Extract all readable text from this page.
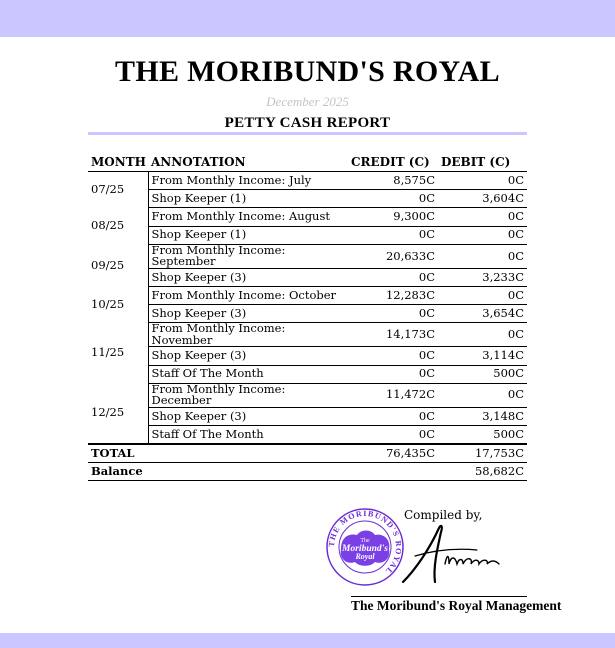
THE MORIBUND'S ROYAL
December 2025
PETTY CASH REPORT
MONTH	ANNOTATION	CREDIT (C)	DEBIT (C)
07/25	From Monthly Income: July	8,575C	0C
	Shop Keeper (1)	0C	3,604C
08/25	From Monthly Income: August	9,300C	0C
	Shop Keeper (1)	0C	0C
09/25	From Monthly Income: September	20,633C	0C
	Shop Keeper (3)	0C	3,233C
10/25	From Monthly Income: October	12,283C	0C
	Shop Keeper (3)	0C	3,654C
11/25	From Monthly Income: November	14,173C	0C
	Shop Keeper (3)	0C	3,114C
	Staff Of The Month	0C	500C
12/25	From Monthly Income: December	11,472C	0C
	Shop Keeper (3)	0C	3,148C
	Staff Of The Month	0C	500C
TOTAL		76,435C	17,753C
Balance			58,682C
Compiled by,
THE MORIBUND'S ROYAL
The
Moribund's
Royal
The Moribund's Royal Management
